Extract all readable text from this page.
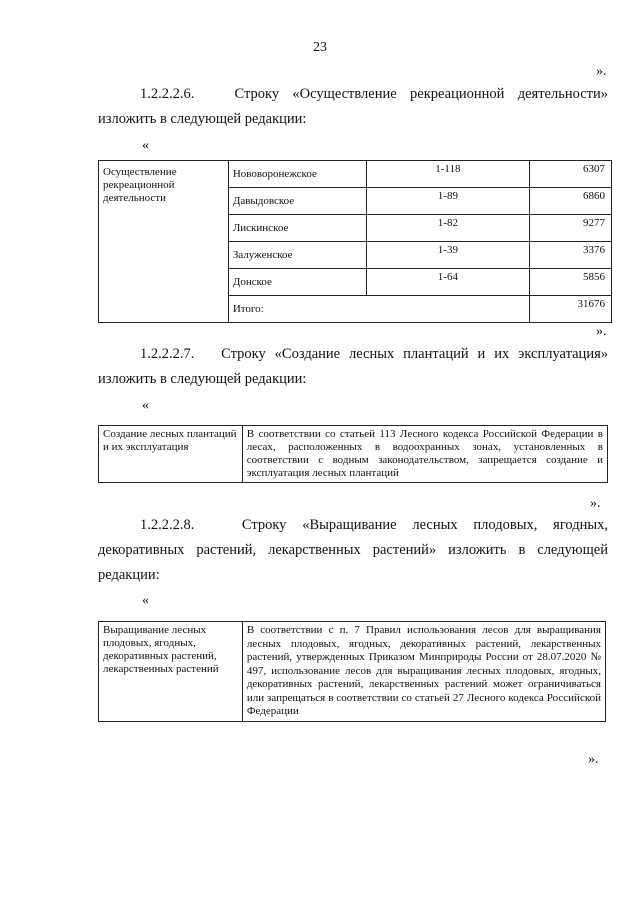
23
».
1.2.2.2.6.	Строку «Осуществление рекреационной деятельности»
изложить в следующей редакции:
«
Осуществление рекреационной деятельности	Нововоронежское	1-118	6307
	Давыдовское	1-89	6860
	Лискинское	1-82	9277
	Залуженское	1-39	3376
	Донское	1-64	5856
	Итого:		31676
».
1.2.2.2.7. Строку «Создание лесных плантаций и их эксплуатация»
изложить в следующей редакции:
«
Создание лесных плантаций и их эксплуатация	В соответствии со статьей 113 Лесного кодекса Российской Федерации в лесах, расположенных в водоохранных зонах, установленных в соответствии с водным законодательством, запрещается создание и эксплуатация лесных плантаций
».
1.2.2.2.8.	Строку «Выращивание лесных плодовых, ягодных,
декоративных растений, лекарственных растений» изложить в следующей
редакции:
«
Выращивание лесных плодовых, ягодных, декоративных растений, лекарственных растений	В соответствии с п. 7 Правил использования лесов для выращивания лесных плодовых, ягодных, декоративных растений, лекарственных растений, утвержденных Приказом Минприроды России от 28.07.2020 № 497, использование лесов для выращивания лесных плодовых, ягодных, декоративных растений, лекарственных растений может ограничиваться или запрещаться в соответствии со статьей 27 Лесного кодекса Российской Федерации
».
